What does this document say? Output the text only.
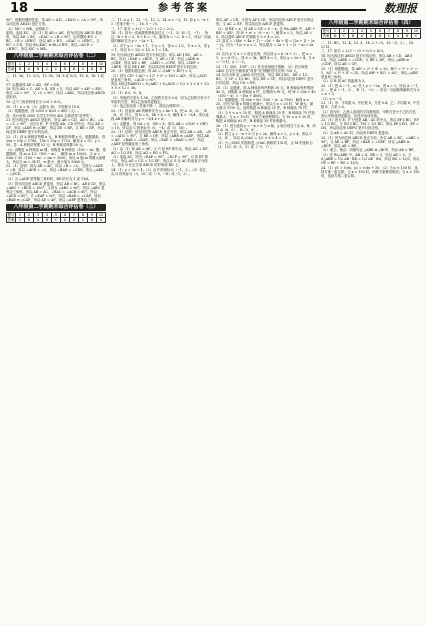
18	参考答案	数理报

90°，根据折叠的性质，得 AD = A′D，∠EA′D = ∠A = 90°，所以四边形 AEA′D 是正方形。

（2）MC′ = MK，证明如下：

如图，连接 EC′，由（1）知 AD = AE，因为四边形 ABCD 是矩形，所以 AD = BC，∠EAC′ = ∠B = 90°。由折叠知 B′C = BC，∠B = ∠EB′C′，所以 AE = B′C，∠EAC′ = ∠EB′C′。又 EC′ = C′E，所以 Rt△EAC′ ≌ Rt△C′B′E，所以 ∠AC′E = ∠B′EC′，所以 MC′ = ME。

八年级第二学期期末综合评估卷（二）
题号	1	2	3	4	5	6	7	8	9	10
答案	B	A	B	C	C	D	B	C	D	B

二、11. 56。12. 3√3。13. 90。14. 8 或 5√3。15. 6。16. 1 或 2。

17. 由题意得 AF = AD，EF = DE。

18. 因为 AD = 1，AE = 4，ED = 5，所以 AD² + AE² = ED²，所以 ∠A = 90°，又 ∠C = 90°，所以 ∠ABC，所以四边形 ABCD 是矩形。

19. 这个三角形的周长为 2√6 + 6√2。

20.（1）a = 4；（2）众数为 16，平均数为 15.8。

（3）根据题意，得 2000 × 4/20 = 400（人）。

答：估计该校 2000 名学生中约有 400 名将获得“优秀奖”。

21. 因为四边形 ABCD 是矩形，所以 AB = CD，AD = BC，∠A = ∠C = 90°。又因为 E，F 分别是 AB，CD 的中点，所以 AE = CF，所以 △ADE ≌ △CBF，所以 DE = BF。又 BE = DF，所以四边形 DEBF 是平行四边形。

22.（1）设 A 种树苗每棵 x 元，B 种树苗每棵 y 元，根据题意，得 20x + 15y = 1780，15x + 20y = 1720，解得 x = 52，y = 50。答：A 种树苗每棵 52 元，B 种树苗每棵 50 元。

（2）设购进 A 种树苗 m 棵，则购进 B 种树苗（100 − m）棵，根据题意，得 m ≥ 1/2（100 − m），解得 m ≥ 100/3。又 w = 52m + 50（100 − m）= 2m + 5000，所以 w 随 m 的增大而增大，所以当 m = 34 时，w 最小，最小值为 5068 元。

23.（1）证明：因为 AB = AC，所以 ∠B = ∠C。又因为 ∠ADE = ∠B，所以 ∠ADE = ∠C，所以 ∠BAD = ∠CDE，所以 △ABD ∽ △DCE。

（2）当 △ADE 是等腰三角形时，BD 的长为 1 或 11/6。

（3）因为四边形 ABCD 是菱形，所以 AB = BC，AB ∥ CD，所以 ∠ABC + ∠BCD = 180°。又因为 ∠ABC = 60°，所以 △ABC 是等边三角形，所以 AB = AC，∠BAC = ∠ACB = 60°，所以 ∠ACD = 60°。又 ∠EAF = 60°，所以 ∠BAE = ∠CAF，所以 △BAE ≌ △CAF，所以 AE = AF，所以 △AEF 是等边三角形。

八年级第二学期期末综合评估卷（三）
题号	1	2	3	4	5	6	7	8	9	10
答案	C	B	A	B	C	A	D	C	B	A

二、11. x ≥ 1。12. −1。13. 2。14. x > −3。15. 如 y = −x + 1（答案不唯一）。16. 5 − √5。

三、17. 原式 = 3√2 − 2√2 + √2 = 2√2。

18.（1）因为一次函数的图象经过点（−1，3）和（1，−1），所以 −k + b = 3，k + b = −1，解得 k = −2，b = 1，所以一次函数的解析式为 y = −2x + 1。

（2）对于 y = −2x + 1，令 y = 0，得 x = 1/2，令 x = 0，得 y = 1，所以 S = 1/2 × 1/2 × 1 = 1/4。

19. 因为四边形 ABCD 是平行四边形，所以 AD ∥ BC，AD = BC，所以 ∠DAE = ∠BCF。又 AE = CF，所以 △ADE ≌ △CBF，所以 DE = BF，∠AED = ∠CFB，所以 ∠DEF = ∠BFE，所以 DE ∥ BF，所以四边形 BEDF 是平行四边形。

20.（1）根据勾股定理，得 AC = √(AB² + BC²) = 5。

（2）因为 CD² + AC² = 12² + 5² = 169 = AD²，所以 △ACD 是直角三角形，∠ACD = 90°。

所以 S四边形ABCD = S△ABC + S△ACD = 1/2 × 3 × 4 + 1/2 × 5 × 12 = 36。

21.（1）8.5，8，8。

（2）甲组的方差为 1.56，乙组的方差为 0.8，因为乙组的方差小于甲组的方差，所以乙组成绩更稳定。

（3）选乙组参加（答案不唯一，理由合理即可）。

22.（1）设直线 AB 的解析式为 y = kx + b，把 A（0，6），B（8，0）代入，得 b = 6，8k + b = 0，解得 k = −3/4，所以直线 AB 的解析式为 y = −3/4 x + 6。

（2）由题意，得 OA = 6，OB = 8，所以 AB = √(OA² + OB²) = 10，所以点 C 的坐标为（0，−4）或（0，16）。

23.（1）证明：因为四边形 ABCD 是正方形，所以 AB = AD，∠B = ∠ADC = 90°。又 BE = DF，所以 △ABE ≌ △ADF，所以 AE = AF，∠BAE = ∠DAF，所以 ∠EAF = ∠BAD = 90°，所以 △AEF 是等腰直角三角形。

（2）由（1）知 AE = AF，又 G 是 EF 的中点，所以 AG ⊥ EF，AG = 1/2 EF，所以 AG = EG = FG。

（3）连接 AC，因为 ∠EAF = 90°，∠ECF = 90°，G 是 EF 的中点，所以 AG = CG = 1/2 EF，所以点 G 在 AC 的垂直平分线上，即点 G 在正方形 ABCD 的对角线 BD 上。

24.（1）y = 2x + 4；（2）点 P 的坐标为（−1，2）；（3）存在，点 Q 的坐标为（3，10）或（−5，−6）或（1，2）。

所以 AF = CE。又因为 AF ∥ CE，所以四边形 AECF 是平行四边形。又 AC ⊥ EF，所以四边形 AECF 是菱形。

（2）设 BE = x，则 AE = CE = 8 − x。在 Rt△ABE 中，AB² + BE² = AE²，即 4² + x² =（8 − x）²，解得 x = 3，所以 AE = 5，所以菱形 AECF 的面积为 5 × 4 = 20。

21. 原式 = √(4a² + 4a + 1) − √(a² − 4a + 4) = |2a + 1| − |a − 2|。因为 −1/2 < a < 2，所以原式 = 2a + 1 − (2 − a) = 3a − 1。

22. 因为 y 与 x + 2 成正比例，所以设 y = k（x + 2）。把 x = 1，y = 6 代入，得 6 = 3k，解得 k = 2，所以 y = 2x + 4。当 x = −3 时，y = −2。

23.（1）300，108°；（2）补全条形统计图略；（3）估计该校 2400 名学生中最喜欢“科普”类书籍的学生约有 720 人。

24. 因为 DE 是 △ABC 的中位线，所以 DE ∥ BC，DE = 1/2 BC。又 CF = 1/2 BC，所以 DE = CF，所以四边形 DEFC 是平行四边形，所以 CD = EF。

25.（1）由题意，得 A 种商品每件利润 30 元，B 种商品每件利润 40 元，设购进 A 种商品 x 件，总利润为 W 元，则 W = 30x + 40（100 − x）= −10x + 4000。

（2）根据题意，得 60x + 80（100 − x）≤ 7500，解得 x ≥ 25。因为 W 随 x 的增大而减小，所以当 x = 25 时，W 最大，最大值为 3750 元。此时购进 A 种商品 25 件，B 种商品 75 件。

（3）当 0 < a < 10 时，购进 A 种商品 25 件，B 种商品 75 件获利最大；当 a = 10 时，所有方案获利相同；当 10 < a < 20 时，购进 A 种商品 62 件，B 种商品 38 件获利最大。

26.（1）因为直线 y = −x + 6 与 x 轴、y 轴分别交于点 A，B，所以 A（6，0），B（0，6）。

（2）联立 y = −x + 6 与 y = 2x，解得 x = 2，y = 4，所以 C（2，4），所以 S△OAC = 1/2 × 6 × 4 = 12。

（3）当 △OMC 的面积是 △OAC 面积的 1/4 时，点 M 的坐标为（1，1/2）或（1，5）或（−1，7）。

八年级第二学期期末综合评估卷（四）
题号	1	2	3	4	5	6	7	8	9	10
答案	D	C	B	A	D	B	C	A	B	C

二、11. BC。12. 4。13. 3。14. 2 + √5。15.（5，2）。16. 2√13。

三、17. 原式 = 2√3 − √3 + 3√3 = 4√3。

18. 因为四边形 ABCD 是平行四边形，所以 AB = CD，AB ∥ CD，所以 ∠ABE = ∠CDF。又 BE = DF，所以 △ABE ≌ △CDF，所以 AE = CF。

19.（1）根据题意，得 AB² = 2² + 4² = 20，BC² = 1² + 2² = 5，AC² = 3² + 4² = 25，所以 AB² + BC² = AC²，所以 △ABC 是直角三角形。

（2）点 B 到 AC 的距离为 2。

20.（1）把 A（−1，a）代入 y = −2x，得 a = 2，所以 A（−1，2）。把 A（−1，2），B（1，−2）… 所以一次函数的解析式为 y = x + 3。

（2）x < −1。

21.（1）甲：平均数 8，中位数 8，方差 0.4；乙：平均数 8，中位数 8，方差 2.8。

（2）因为甲、乙两人成绩的平均数相同，甲的方差小于乙的方差，所以甲的成绩更稳定，应选甲参加比赛。

22.（1）因为 E，F 分别是 AB，AC 的中点，所以 EF ∥ BC，EF = 1/2 BC。又 DG ∥ BC，DG = 1/2 BC，所以 EF ∥ DG，EF = DG，所以四边形 DEFG 是平行四边形。

（2）当 AB = AC 时，四边形 DEFG 是菱形。

23.（1）因为四边形 ABCD 是正方形，所以 AB = BC，∠ABC = 90°。又 AE ⊥ BF，所以 ∠BAE = ∠CBF，所以 △ABE ≌ △BCF，所以 AE = BF。

（2）成立。理由：同理可证 △ABE ≌ △BCF，所以 AE = BF。

（3）在 Rt△ABE 中，AB = 4，BE = 3，所以 AE = 5。又 S△ABE = 1/2 AB · BE = 1/2 AE · BG，所以 BG = 12/5，所以 GF = BF − BG = 13/5。

24.（1）y1 = 0.8x，y2 = 0.6x + 30；（2）当 x < 150 时，选择方案一更合算；当 x = 150 时，两种方案费用相同；当 x > 150 时，选择方案二更合算。
